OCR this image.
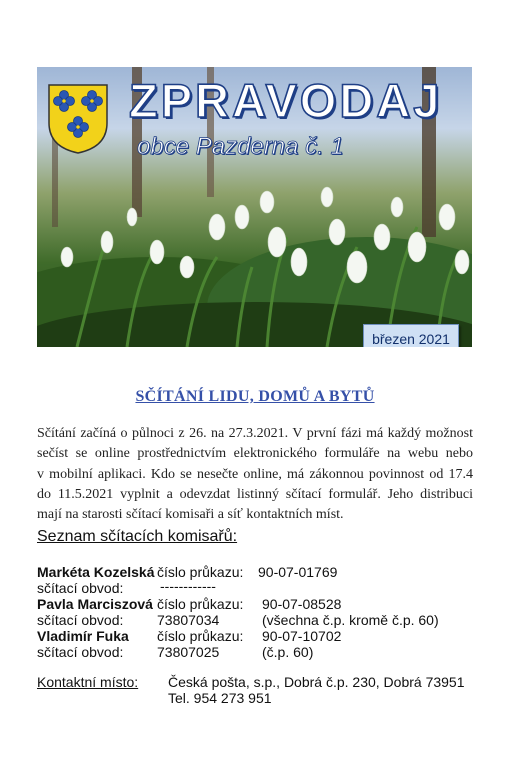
ZPRAVODAJ
obce Pazderna č. 1
březen 2021
SČÍTÁNÍ LIDU, DOMŮ A BYTŮ
Sčítání začíná o půlnoci z 26. na 27.3.2021. V první fázi má každý možnost
sečíst se online prostřednictvím elektronického formuláře na webu nebo
v mobilní aplikaci. Kdo se nesečte online, má zákonnou povinnost od 17.4
do 11.5.2021 vyplnit a odevzdat listinný sčítací formulář. Jeho distribuci
mají na starosti sčítací komisaři a síť kontaktních míst.
Seznam sčítacích komisařů:
Markéta Kozelská číslo průkazu: 90-07-01769
sčítací obvod:	------------
Pavla Marciszová číslo průkazu: 90-07-08528
sčítací obvod: 73807034	(všechna č.p. kromě č.p. 60)
Vladimír Fuka číslo průkazu: 90-07-10702
sčítací obvod: 73807025	(č.p. 60)
Kontaktní místo: Česká pošta, s.p., Dobrá č.p. 230, Dobrá 73951
Tel. 954 273 951
